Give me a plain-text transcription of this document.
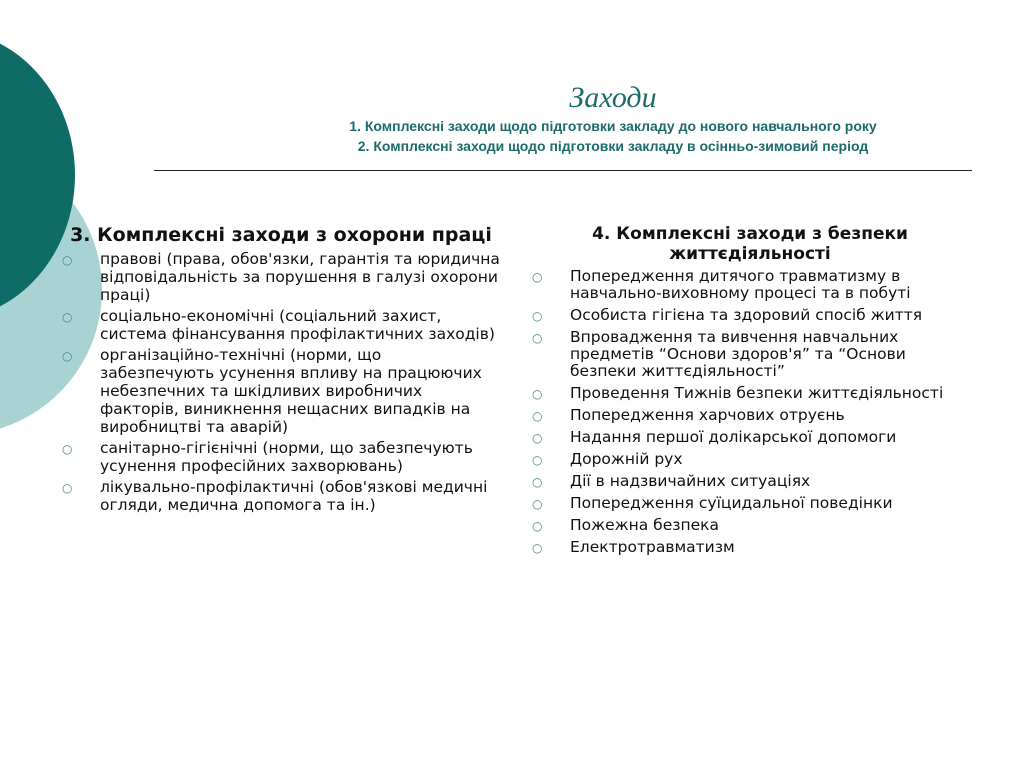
Заходи
1. Комплексні заходи щодо підготовки закладу до нового навчального року
2. Комплексні заходи щодо підготовки закладу в осінньо-зимовий період
3. Комплексні заходи з охорони праці
○ правові (права, обов'язки, гарантія та юридична відповідальність за порушення в галузі охорони праці)
○ соціально-економічні (соціальний захист, система фінансування профілактичних заходів)
○ організаційно-технічні (норми, що забезпечують усунення впливу на працюючих небезпечних та шкідливих виробничих факторів, виникнення нещасних випадків на виробництві та аварій)
○ санітарно-гігієнічні (норми, що забезпечують усунення професійних захворювань)
○ лікувально-профілактичні (обов'язкові медичні огляди, медична допомога та ін.)
4. Комплексні заходи з безпеки життєдіяльності
○ Попередження дитячого травматизму в навчально-виховному процесі та в побуті
○ Особиста гігієна та здоровий спосіб життя
○ Впровадження та вивчення навчальних предметів “Основи здоров'я” та “Основи безпеки життєдіяльності”
○ Проведення Тижнів безпеки життєдіяльності
○ Попередження харчових отруєнь
○ Надання першої долікарської допомоги
○ Дорожній рух
○ Дії в надзвичайних ситуаціях
○ Попередження суїцидальної поведінки
○ Пожежна безпека
○ Електротравматизм
